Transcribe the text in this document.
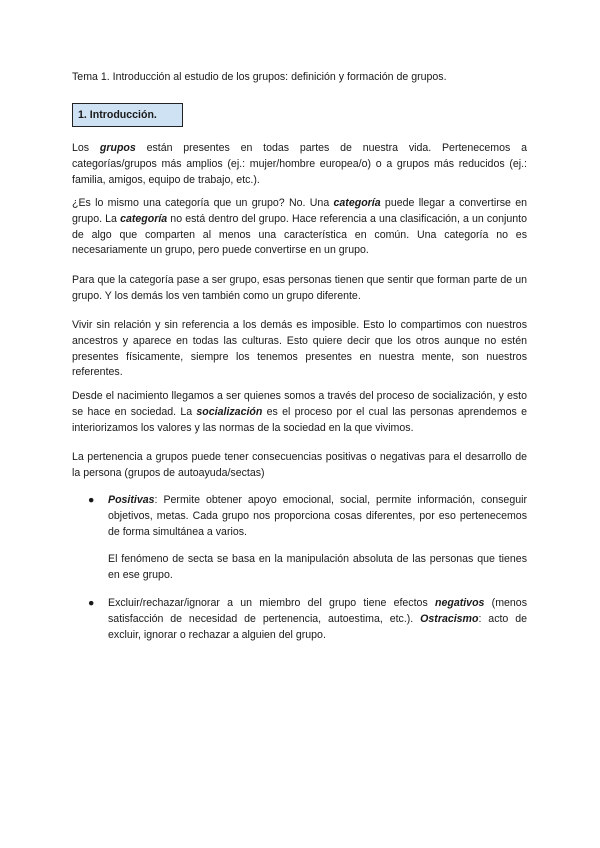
Tema 1. Introducción al estudio de los grupos: definición y formación de grupos.
1. Introducción.
Los grupos están presentes en todas partes de nuestra vida. Pertenecemos a categorías/grupos más amplios (ej.: mujer/hombre europea/o) o a grupos más reducidos (ej.: familia, amigos, equipo de trabajo, etc.).
¿Es lo mismo una categoría que un grupo? No. Una categoría puede llegar a convertirse en grupo. La categoría no está dentro del grupo. Hace referencia a una clasificación, a un conjunto de algo que comparten al menos una característica en común. Una categoría no es necesariamente un grupo, pero puede convertirse en un grupo.
Para que la categoría pase a ser grupo, esas personas tienen que sentir que forman parte de un grupo. Y los demás los ven también como un grupo diferente.
Vivir sin relación y sin referencia a los demás es imposible. Esto lo compartimos con nuestros ancestros y aparece en todas las culturas. Esto quiere decir que los otros aunque no estén presentes físicamente, siempre los tenemos presentes en nuestra mente, son nuestros referentes.
Desde el nacimiento llegamos a ser quienes somos a través del proceso de socialización, y esto se hace en sociedad. La socialización es el proceso por el cual las personas aprendemos e interiorizamos los valores y las normas de la sociedad en la que vivimos.
La pertenencia a grupos puede tener consecuencias positivas o negativas para el desarrollo de la persona (grupos de autoayuda/sectas)
● Positivas: Permite obtener apoyo emocional, social, permite información, conseguir objetivos, metas. Cada grupo nos proporciona cosas diferentes, por eso pertenecemos de forma simultánea a varios.
● Excluir/rechazar/ignorar a un miembro del grupo tiene efectos negativos (menos satisfacción de necesidad de pertenencia, autoestima, etc.). Ostracismo: acto de excluir, ignorar o rechazar a alguien del grupo.
El fenómeno de secta se basa en la manipulación absoluta de las personas que tienes en ese grupo.
